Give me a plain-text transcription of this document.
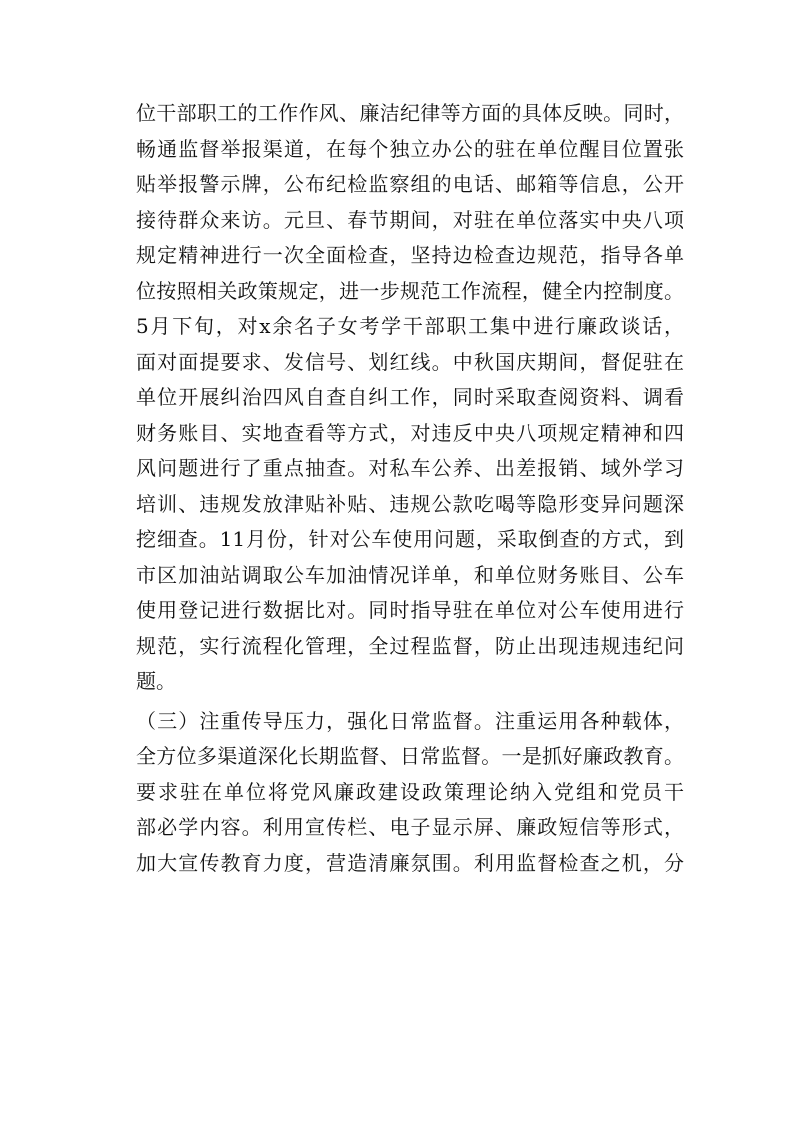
位干部职工的工作作风、廉洁纪律等方面的具体反映。同时，
畅通监督举报渠道，在每个独立办公的驻在单位醒目位置张
贴举报警示牌，公布纪检监察组的电话、邮箱等信息，公开
接待群众来访。元旦、春节期间，对驻在单位落实中央八项
规定精神进行一次全面检查，坚持边检查边规范，指导各单
位按照相关政策规定，进一步规范工作流程，健全内控制度。
5月下旬，对x余名子女考学干部职工集中进行廉政谈话，
面对面提要求、发信号、划红线。中秋国庆期间，督促驻在
单位开展纠治四风自查自纠工作，同时采取查阅资料、调看
财务账目、实地查看等方式，对违反中央八项规定精神和四
风问题进行了重点抽查。对私车公养、出差报销、域外学习
培训、违规发放津贴补贴、违规公款吃喝等隐形变异问题深
挖细查。11月份，针对公车使用问题，采取倒查的方式，到
市区加油站调取公车加油情况详单，和单位财务账目、公车
使用登记进行数据比对。同时指导驻在单位对公车使用进行
规范，实行流程化管理，全过程监督，防止出现违规违纪问
题。
（三）注重传导压力，强化日常监督。注重运用各种载体，
全方位多渠道深化长期监督、日常监督。一是抓好廉政教育。
要求驻在单位将党风廉政建设政策理论纳入党组和党员干
部必学内容。利用宣传栏、电子显示屏、廉政短信等形式，
加大宣传教育力度，营造清廉氛围。利用监督检查之机，分
